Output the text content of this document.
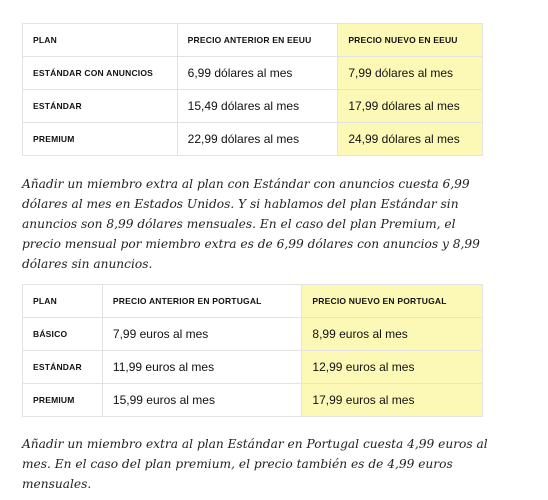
PLAN	PRECIO ANTERIOR EN EEUU	PRECIO NUEVO EN EEUU
ESTÁNDAR CON ANUNCIOS	6,99 dólares al mes	7,99 dólares al mes
ESTÁNDAR	15,49 dólares al mes	17,99 dólares al mes
PREMIUM	22,99 dólares al mes	24,99 dólares al mes

Añadir un miembro extra al plan con Estándar con anuncios cuesta 6,99 dólares al mes en Estados Unidos. Y si hablamos del plan Estándar sin anuncios son 8,99 dólares mensuales. En el caso del plan Premium, el precio mensual por miembro extra es de 6,99 dólares con anuncios y 8,99 dólares sin anuncios.

PLAN	PRECIO ANTERIOR EN PORTUGAL	PRECIO NUEVO EN PORTUGAL
BÁSICO	7,99 euros al mes	8,99 euros al mes
ESTÁNDAR	11,99 euros al mes	12,99 euros al mes
PREMIUM	15,99 euros al mes	17,99 euros al mes

Añadir un miembro extra al plan Estándar en Portugal cuesta 4,99 euros al mes. En el caso del plan premium, el precio también es de 4,99 euros mensuales.
